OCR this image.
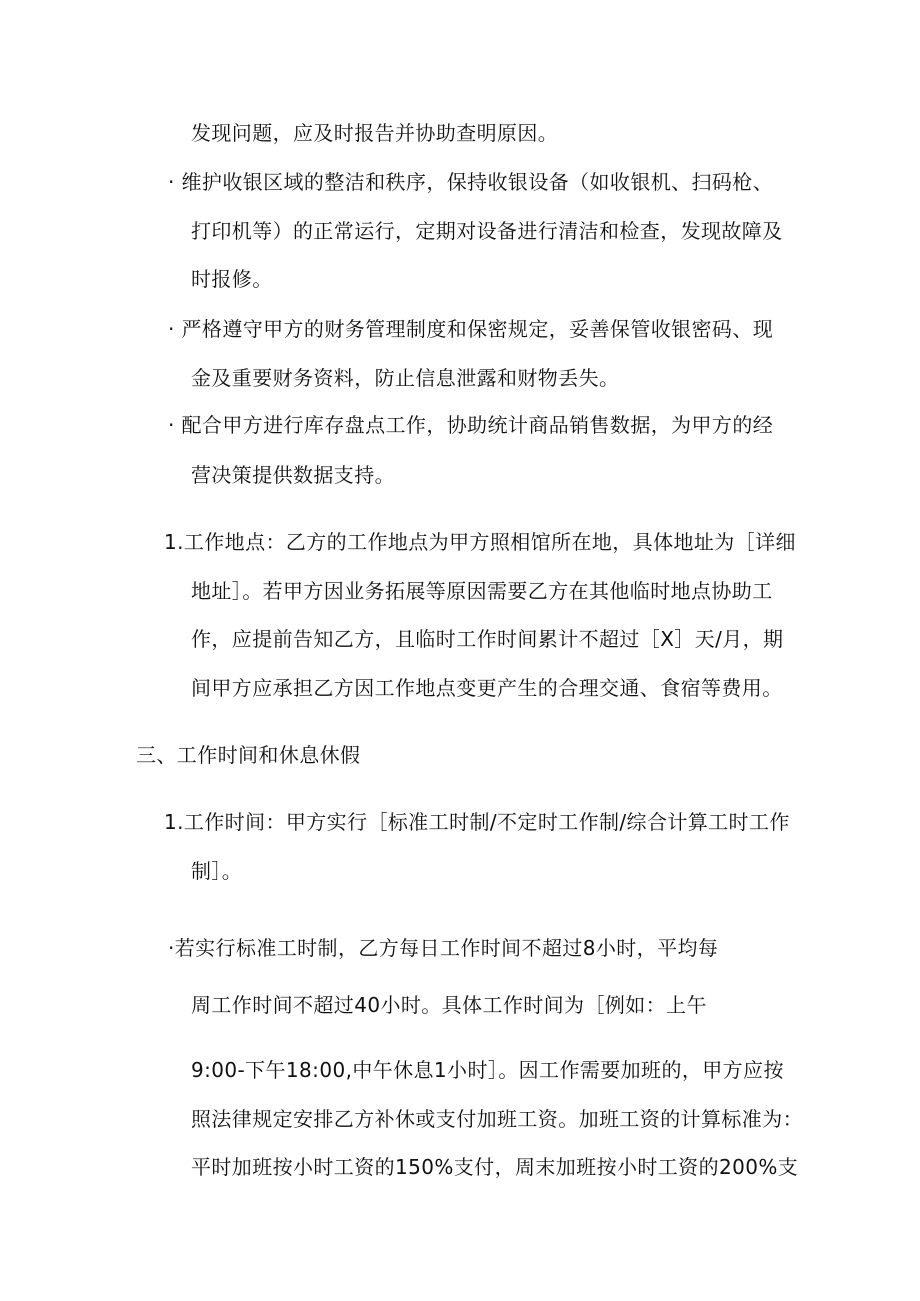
发现问题，应及时报告并协助查明原因。
· 维护收银区域的整洁和秩序，保持收银设备（如收银机、扫码枪、
打印机等）的正常运行，定期对设备进行清洁和检查，发现故障及
时报修。
· 严格遵守甲方的财务管理制度和保密规定，妥善保管收银密码、现
金及重要财务资料，防止信息泄露和财物丢失。
· 配合甲方进行库存盘点工作，协助统计商品销售数据，为甲方的经
营决策提供数据支持。
1.工作地点：乙方的工作地点为甲方照相馆所在地，具体地址为［详细
地址］。若甲方因业务拓展等原因需要乙方在其他临时地点协助工
作，应提前告知乙方，且临时工作时间累计不超过［X］天/月，期
间甲方应承担乙方因工作地点变更产生的合理交通、食宿等费用。
三、工作时间和休息休假
1.工作时间：甲方实行［标准工时制/不定时工作制/综合计算工时工作
制］。
·若实行标准工时制，乙方每日工作时间不超过8小时，平均每
周工作时间不超过40小时。具体工作时间为［例如：上午
9:00-下午18:00,中午休息1小时］。因工作需要加班的，甲方应按
照法律规定安排乙方补休或支付加班工资。加班工资的计算标准为：
平时加班按小时工资的150%支付，周末加班按小时工资的200%支
